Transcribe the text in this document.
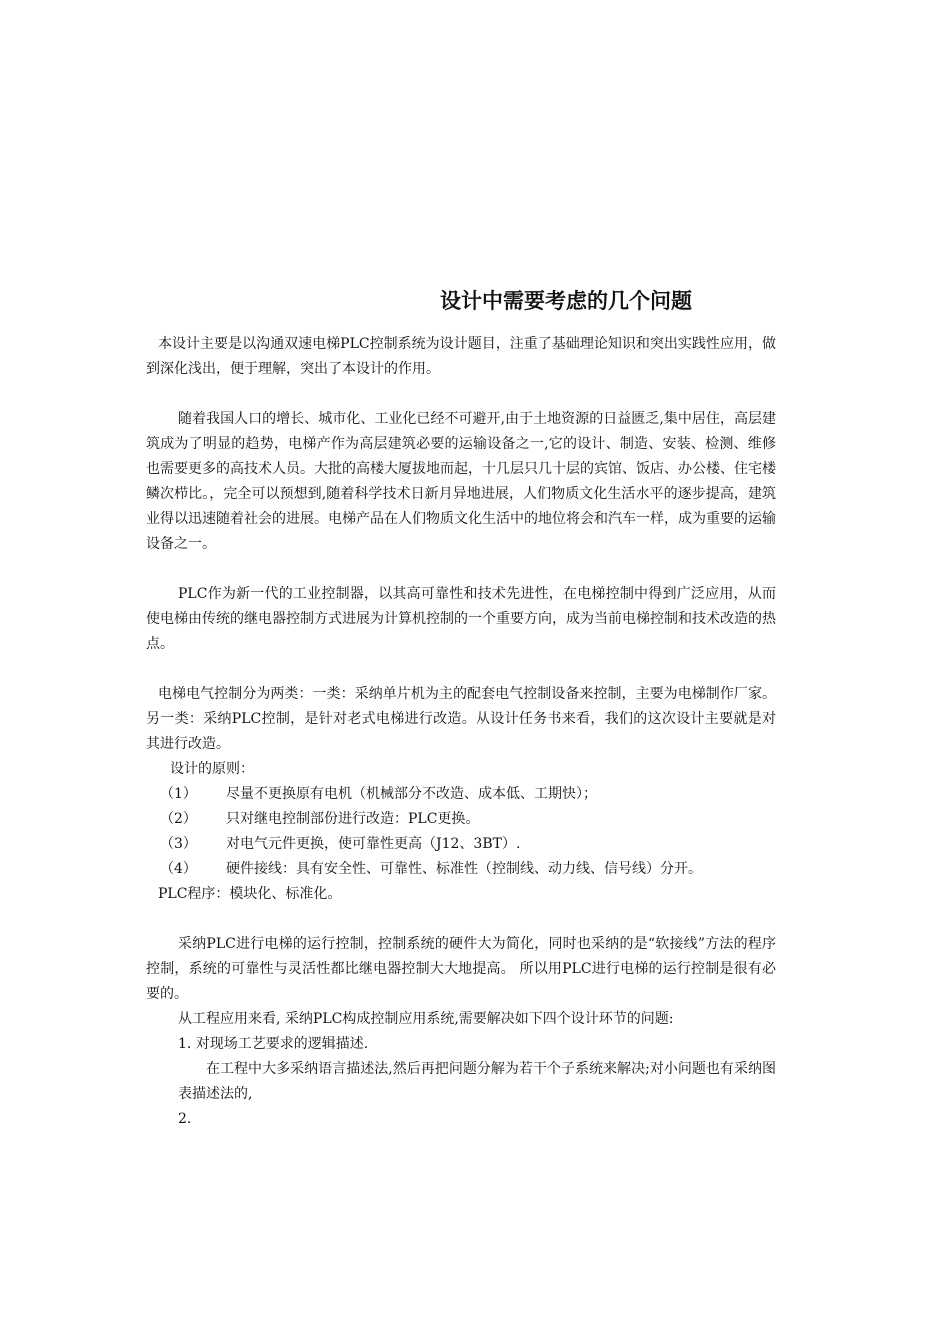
设计中需要考虑的几个问题

本设计主要是以沟通双速电梯PLC控制系统为设计题目，注重了基础理论知识和突出实践性应用，做到深化浅出，便于理解，突出了本设计的作用。

随着我国人口的增长、城市化、工业化已经不可避开,由于土地资源的日益匮乏,集中居住，高层建筑成为了明显的趋势，电梯产作为高层建筑必要的运输设备之一,它的设计、制造、安装、检测、维修也需要更多的高技术人员。大批的高楼大厦拔地而起，十几层只几十层的宾馆、饭店、办公楼、住宅楼鳞次栉比。，完全可以预想到,随着科学技术日新月异地进展，人们物质文化生活水平的逐步提高，建筑业得以迅速随着社会的进展。电梯产品在人们物质文化生活中的地位将会和汽车一样，成为重要的运输设备之一。

PLC作为新一代的工业控制器，以其高可靠性和技术先进性，在电梯控制中得到广泛应用，从而使电梯由传统的继电器控制方式进展为计算机控制的一个重要方向，成为当前电梯控制和技术改造的热点。

电梯电气控制分为两类：一类：采纳单片机为主的配套电气控制设备来控制，主要为电梯制作厂家。另一类：采纳PLC控制，是针对老式电梯进行改造。从设计任务书来看，我们的这次设计主要就是对其进行改造。

设计的原则：

（1）	尽量不更换原有电机（机械部分不改造、成本低、工期快）；
（2）	只对继电控制部份进行改造：PLC更换。
（3）	对电气元件更换，使可靠性更高（J12、3BT）.
（4）	硬件接线：具有安全性、可靠性、标准性（控制线、动力线、信号线）分开。

PLC程序：模块化、标准化。

采纳PLC进行电梯的运行控制，控制系统的硬件大为简化，同时也采纳的是“软接线”方法的程序控制，系统的可靠性与灵活性都比继电器控制大大地提高。 所以用PLC进行电梯的运行控制是很有必要的。

从工程应用来看, 采纳PLC构成控制应用系统,需要解决如下四个设计环节的问题:

1. 对现场工艺要求的逻辑描述.

在工程中大多采纳语言描述法,然后再把问题分解为若干个子系统来解决;对小问题也有采纳图表描述法的,

2.
